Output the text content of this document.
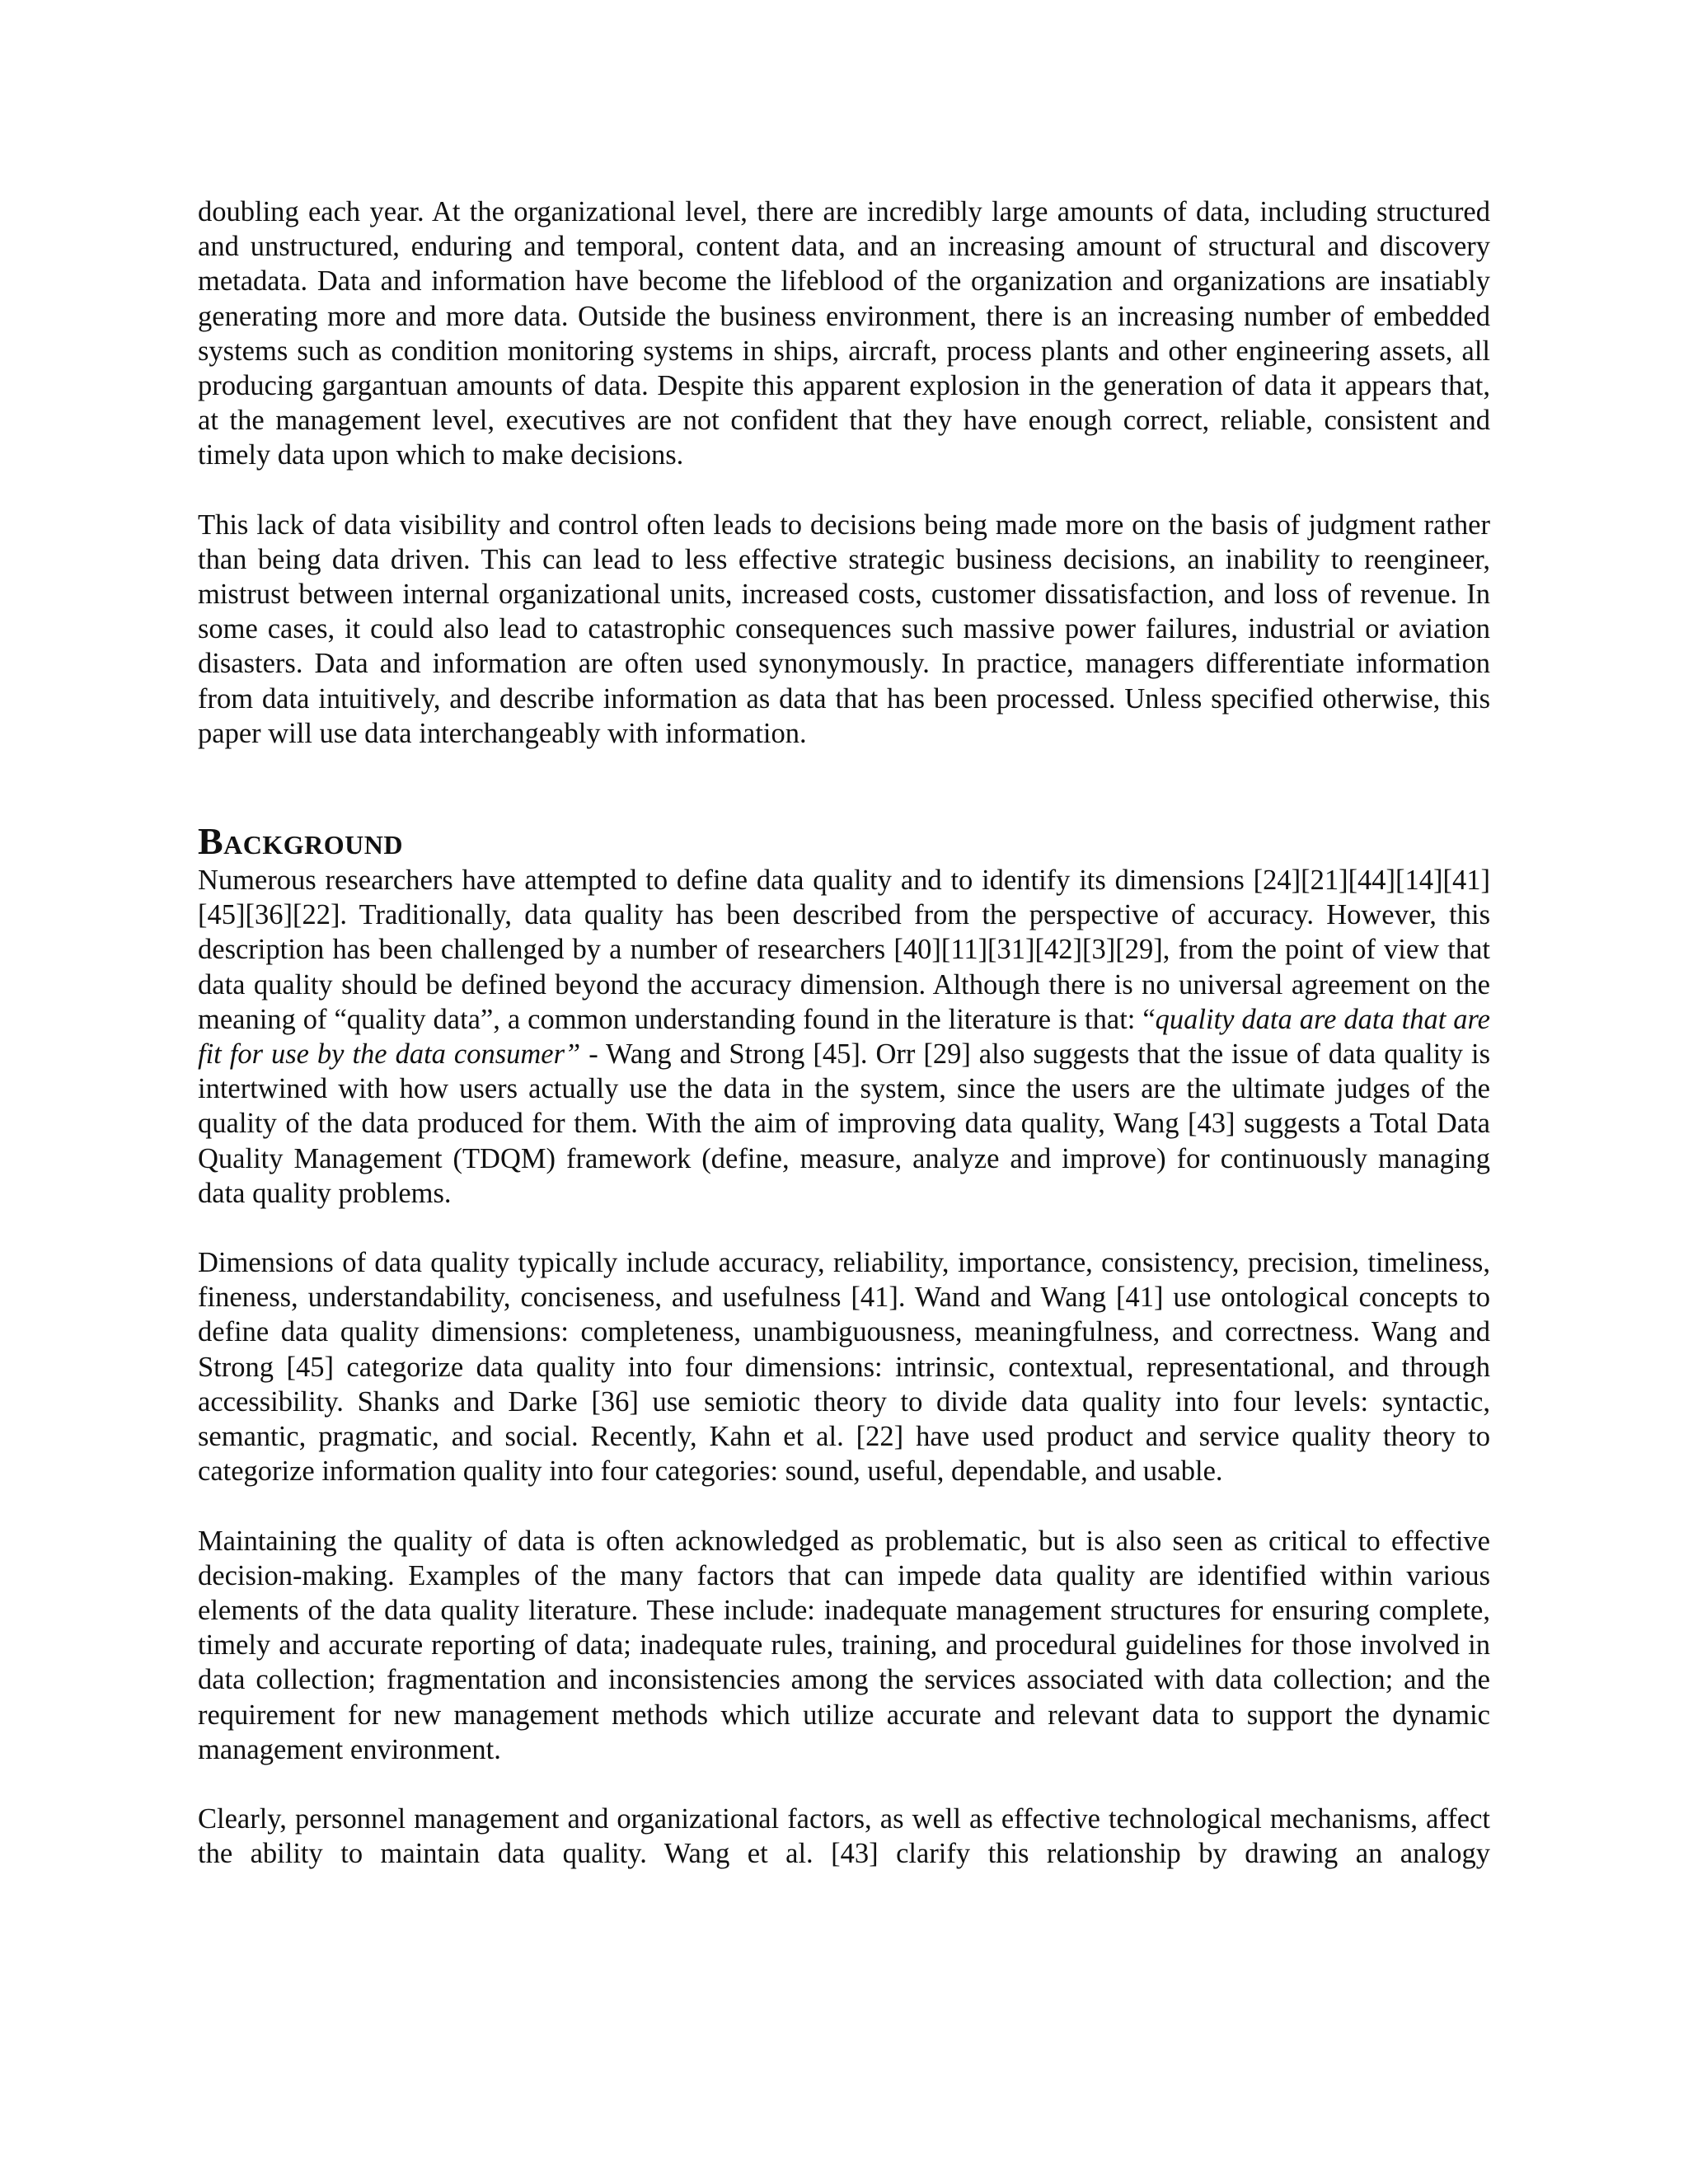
doubling each year. At the organizational level, there are incredibly large amounts of data, including structured and unstructured, enduring and temporal, content data, and an increasing amount of structural and discovery metadata. Data and information have become the lifeblood of the organization and organizations are insatiably generating more and more data. Outside the business environment, there is an increasing number of embedded systems such as condition monitoring systems in ships, aircraft, process plants and other engineering assets, all producing gargantuan amounts of data. Despite this apparent explosion in the generation of data it appears that, at the management level, executives are not confident that they have enough correct, reliable, consistent and timely data upon which to make decisions.

This lack of data visibility and control often leads to decisions being made more on the basis of judgment rather than being data driven. This can lead to less effective strategic business decisions, an inability to reengineer, mistrust between internal organizational units, increased costs, customer dissatisfaction, and loss of revenue. In some cases, it could also lead to catastrophic consequences such massive power failures, industrial or aviation disasters. Data and information are often used synonymously. In practice, managers differentiate information from data intuitively, and describe information as data that has been processed. Unless specified otherwise, this paper will use data interchangeably with information.

Background

Numerous researchers have attempted to define data quality and to identify its dimensions [24][21][44][14][41][45][36][22]. Traditionally, data quality has been described from the perspective of accuracy. However, this description has been challenged by a number of researchers [40][11][31][42][3][29], from the point of view that data quality should be defined beyond the accuracy dimension. Although there is no universal agreement on the meaning of “quality data”, a common understanding found in the literature is that: “quality data are data that are fit for use by the data consumer” - Wang and Strong [45]. Orr [29] also suggests that the issue of data quality is intertwined with how users actually use the data in the system, since the users are the ultimate judges of the quality of the data produced for them. With the aim of improving data quality, Wang [43] suggests a Total Data Quality Management (TDQM) framework (define, measure, analyze and improve) for continuously managing data quality problems.

Dimensions of data quality typically include accuracy, reliability, importance, consistency, precision, timeliness, fineness, understandability, conciseness, and usefulness [41]. Wand and Wang [41] use ontological concepts to define data quality dimensions: completeness, unambiguousness, meaningfulness, and correctness. Wang and Strong [45] categorize data quality into four dimensions: intrinsic, contextual, representational, and through accessibility. Shanks and Darke [36] use semiotic theory to divide data quality into four levels: syntactic, semantic, pragmatic, and social. Recently, Kahn et al. [22] have used product and service quality theory to categorize information quality into four categories: sound, useful, dependable, and usable.

Maintaining the quality of data is often acknowledged as problematic, but is also seen as critical to effective decision-making. Examples of the many factors that can impede data quality are identified within various elements of the data quality literature. These include: inadequate management structures for ensuring complete, timely and accurate reporting of data; inadequate rules, training, and procedural guidelines for those involved in data collection; fragmentation and inconsistencies among the services associated with data collection; and the requirement for new management methods which utilize accurate and relevant data to support the dynamic management environment.

Clearly, personnel management and organizational factors, as well as effective technological mechanisms, affect the ability to maintain data quality. Wang et al. [43] clarify this relationship by drawing an analogy
